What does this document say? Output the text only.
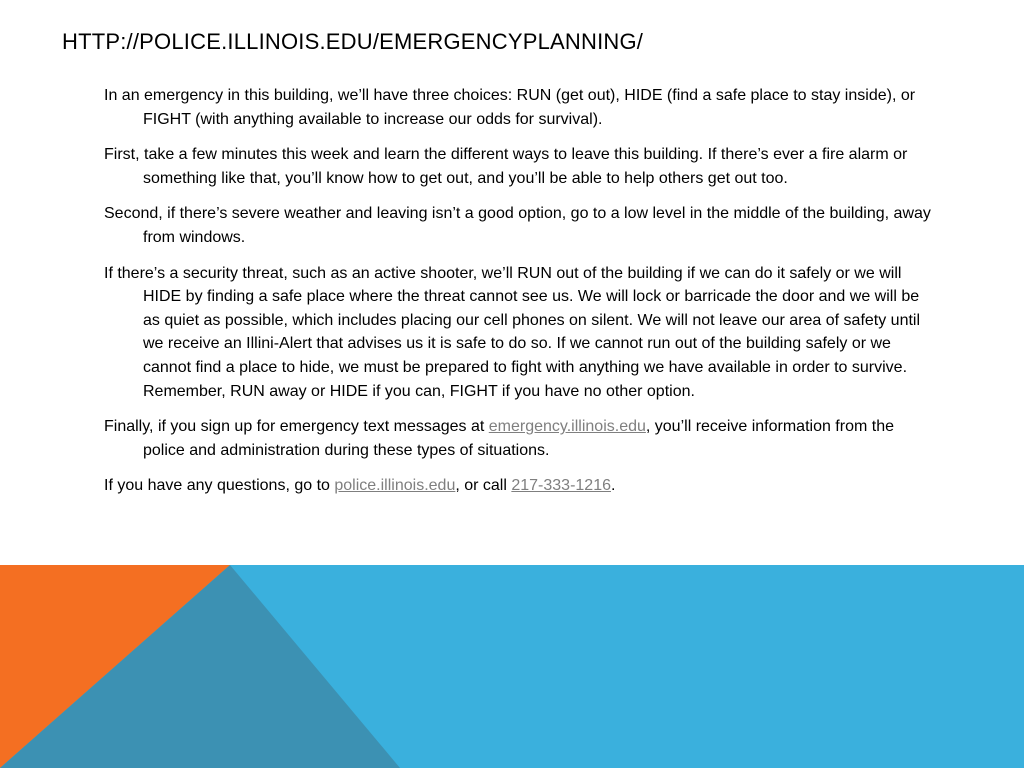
HTTP://POLICE.ILLINOIS.EDU/EMERGENCYPLANNING/

In an emergency in this building, we’ll have three choices: RUN (get out), HIDE (find a safe place to stay inside), or FIGHT (with anything available to increase our odds for survival).

First, take a few minutes this week and learn the different ways to leave this building. If there’s ever a fire alarm or something like that, you’ll know how to get out, and you’ll be able to help others get out too.

Second, if there’s severe weather and leaving isn’t a good option, go to a low level in the middle of the building, away from windows.

If there’s a security threat, such as an active shooter, we’ll RUN out of the building if we can do it safely or we will HIDE by finding a safe place where the threat cannot see us. We will lock or barricade the door and we will be as quiet as possible, which includes placing our cell phones on silent. We will not leave our area of safety until we receive an Illini-Alert that advises us it is safe to do so. If we cannot run out of the building safely or we cannot find a place to hide, we must be prepared to fight with anything we have available in order to survive. Remember, RUN away or HIDE if you can, FIGHT if you have no other option.

Finally, if you sign up for emergency text messages at emergency.illinois.edu, you’ll receive information from the police and administration during these types of situations.

If you have any questions, go to police.illinois.edu, or call 217-333-1216.
